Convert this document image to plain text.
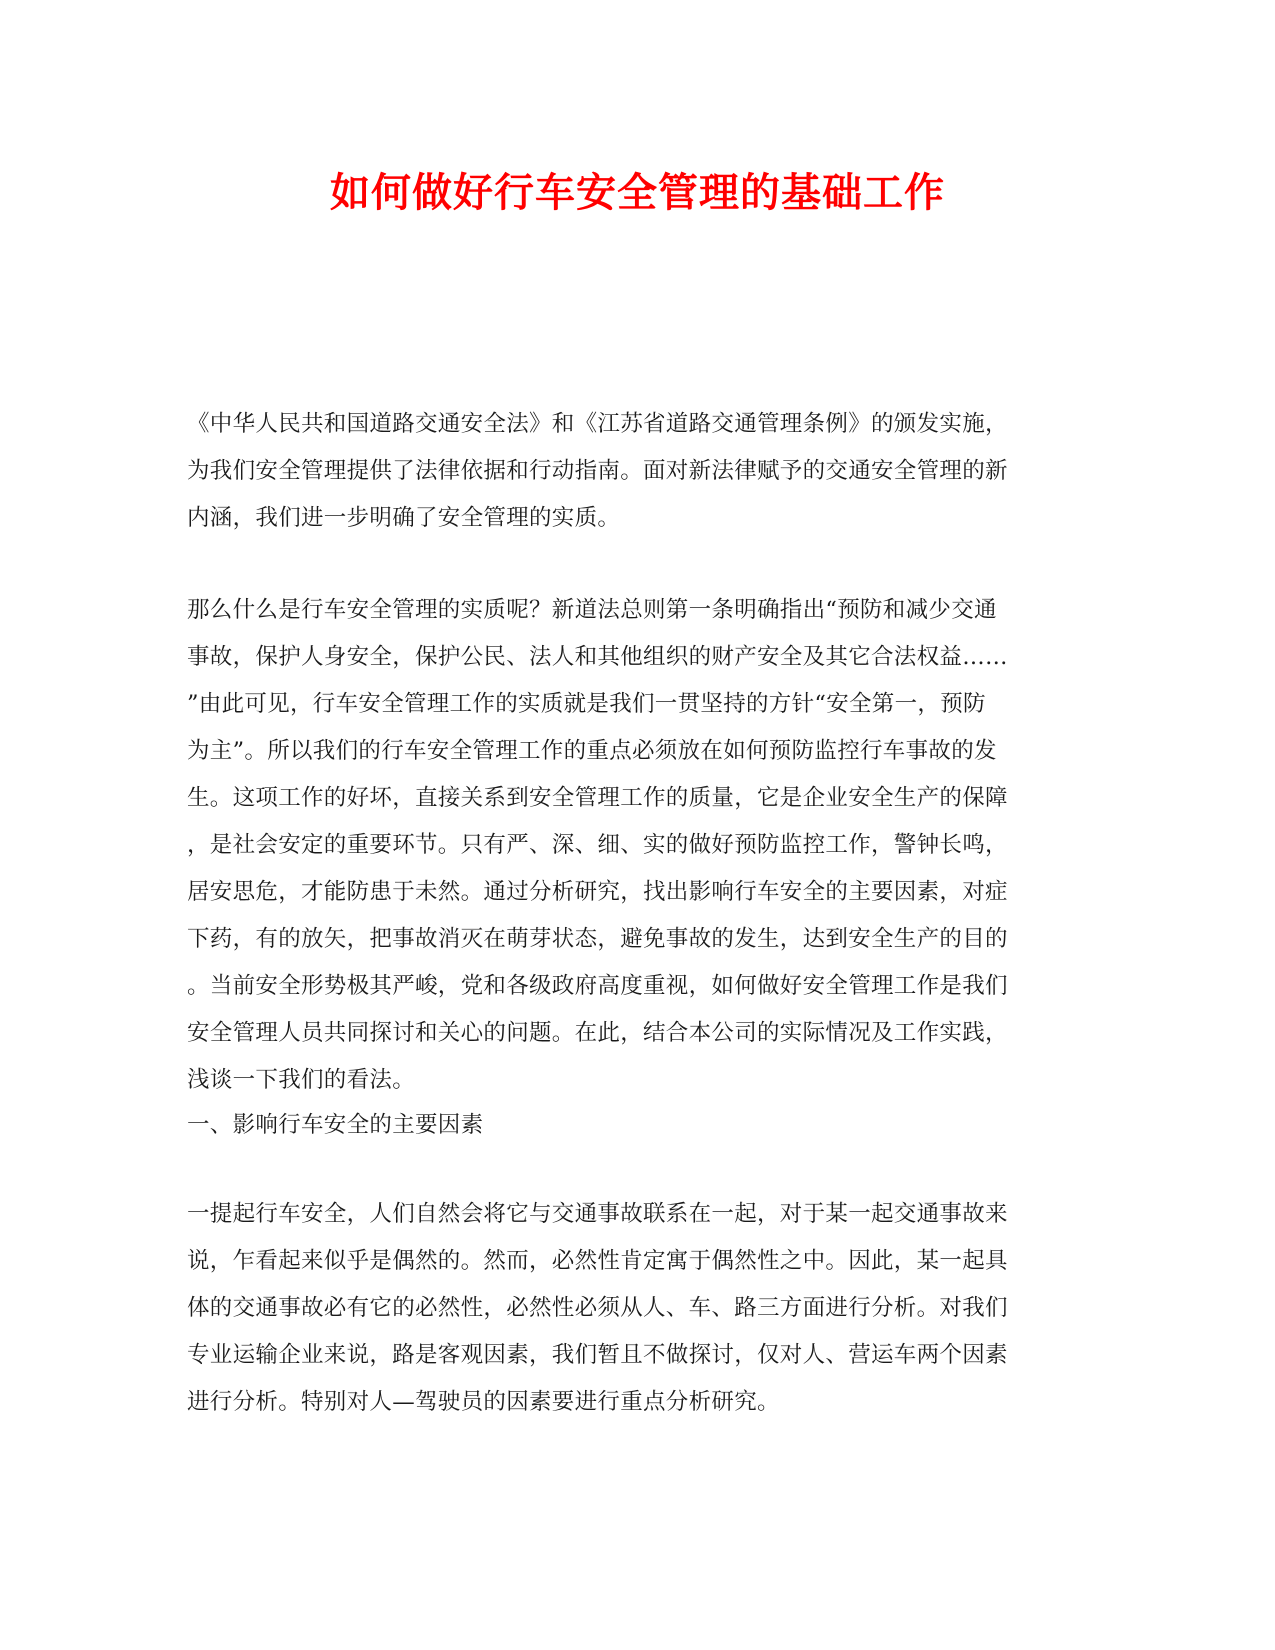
如何做好行车安全管理的基础工作
《中华人民共和国道路交通安全法》和《江苏省道路交通管理条例》的颁发实施，
为我们安全管理提供了法律依据和行动指南。面对新法律赋予的交通安全管理的新
内涵，我们进一步明确了安全管理的实质。
那么什么是行车安全管理的实质呢？新道法总则第一条明确指出“预防和减少交通
事故，保护人身安全，保护公民、法人和其他组织的财产安全及其它合法权益……
”由此可见，行车安全管理工作的实质就是我们一贯坚持的方针“安全第一，预防
为主”。所以我们的行车安全管理工作的重点必须放在如何预防监控行车事故的发
生。这项工作的好坏，直接关系到安全管理工作的质量，它是企业安全生产的保障
，是社会安定的重要环节。只有严、深、细、实的做好预防监控工作，警钟长鸣，
居安思危，才能防患于未然。通过分析研究，找出影响行车安全的主要因素，对症
下药，有的放矢，把事故消灭在萌芽状态，避免事故的发生，达到安全生产的目的
。当前安全形势极其严峻，党和各级政府高度重视，如何做好安全管理工作是我们
安全管理人员共同探讨和关心的问题。在此，结合本公司的实际情况及工作实践，
浅谈一下我们的看法。
一、影响行车安全的主要因素
一提起行车安全，人们自然会将它与交通事故联系在一起，对于某一起交通事故来
说，乍看起来似乎是偶然的。然而，必然性肯定寓于偶然性之中。因此，某一起具
体的交通事故必有它的必然性，必然性必须从人、车、路三方面进行分析。对我们
专业运输企业来说，路是客观因素，我们暂且不做探讨，仅对人、营运车两个因素
进行分析。特别对人—驾驶员的因素要进行重点分析研究。
